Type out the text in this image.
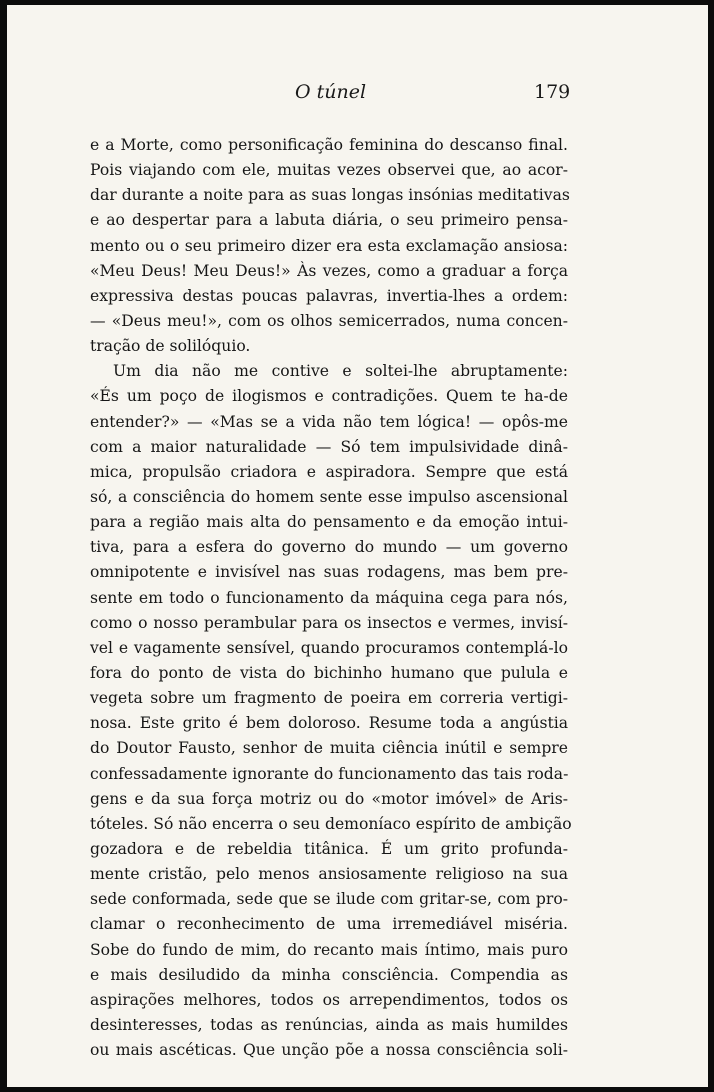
O túnel	179
e a Morte, como personificação feminina do descanso final.
Pois viajando com ele, muitas vezes observei que, ao acor-
dar durante a noite para as suas longas insónias meditativas
e ao despertar para a labuta diária, o seu primeiro pensa-
mento ou o seu primeiro dizer era esta exclamação ansiosa:
«Meu Deus! Meu Deus!» Às vezes, como a graduar a força
expressiva destas poucas palavras, invertia-lhes a ordem:
— «Deus meu!», com os olhos semicerrados, numa concen-
tração de solilóquio.
Um dia não me contive e soltei-lhe abruptamente:
«És um poço de ilogismos e contradições. Quem te ha-de
entender?» — «Mas se a vida não tem lógica! — opôs-me
com a maior naturalidade — Só tem impulsividade dinâ-
mica, propulsão criadora e aspiradora. Sempre que está
só, a consciência do homem sente esse impulso ascensional
para a região mais alta do pensamento e da emoção intui-
tiva, para a esfera do governo do mundo — um governo
omnipotente e invisível nas suas rodagens, mas bem pre-
sente em todo o funcionamento da máquina cega para nós,
como o nosso perambular para os insectos e vermes, invisí-
vel e vagamente sensível, quando procuramos contemplá-lo
fora do ponto de vista do bichinho humano que pulula e
vegeta sobre um fragmento de poeira em correria vertigi-
nosa. Este grito é bem doloroso. Resume toda a angústia
do Doutor Fausto, senhor de muita ciência inútil e sempre
confessadamente ignorante do funcionamento das tais roda-
gens e da sua força motriz ou do «motor imóvel» de Aris-
tóteles. Só não encerra o seu demoníaco espírito de ambição
gozadora e de rebeldia titânica. É um grito profunda-
mente cristão, pelo menos ansiosamente religioso na sua
sede conformada, sede que se ilude com gritar-se, com pro-
clamar o reconhecimento de uma irremediável miséria.
Sobe do fundo de mim, do recanto mais íntimo, mais puro
e mais desiludido da minha consciência. Compendia as
aspirações melhores, todos os arrependimentos, todos os
desinteresses, todas as renúncias, ainda as mais humildes
ou mais ascéticas. Que unção põe a nossa consciência soli-
